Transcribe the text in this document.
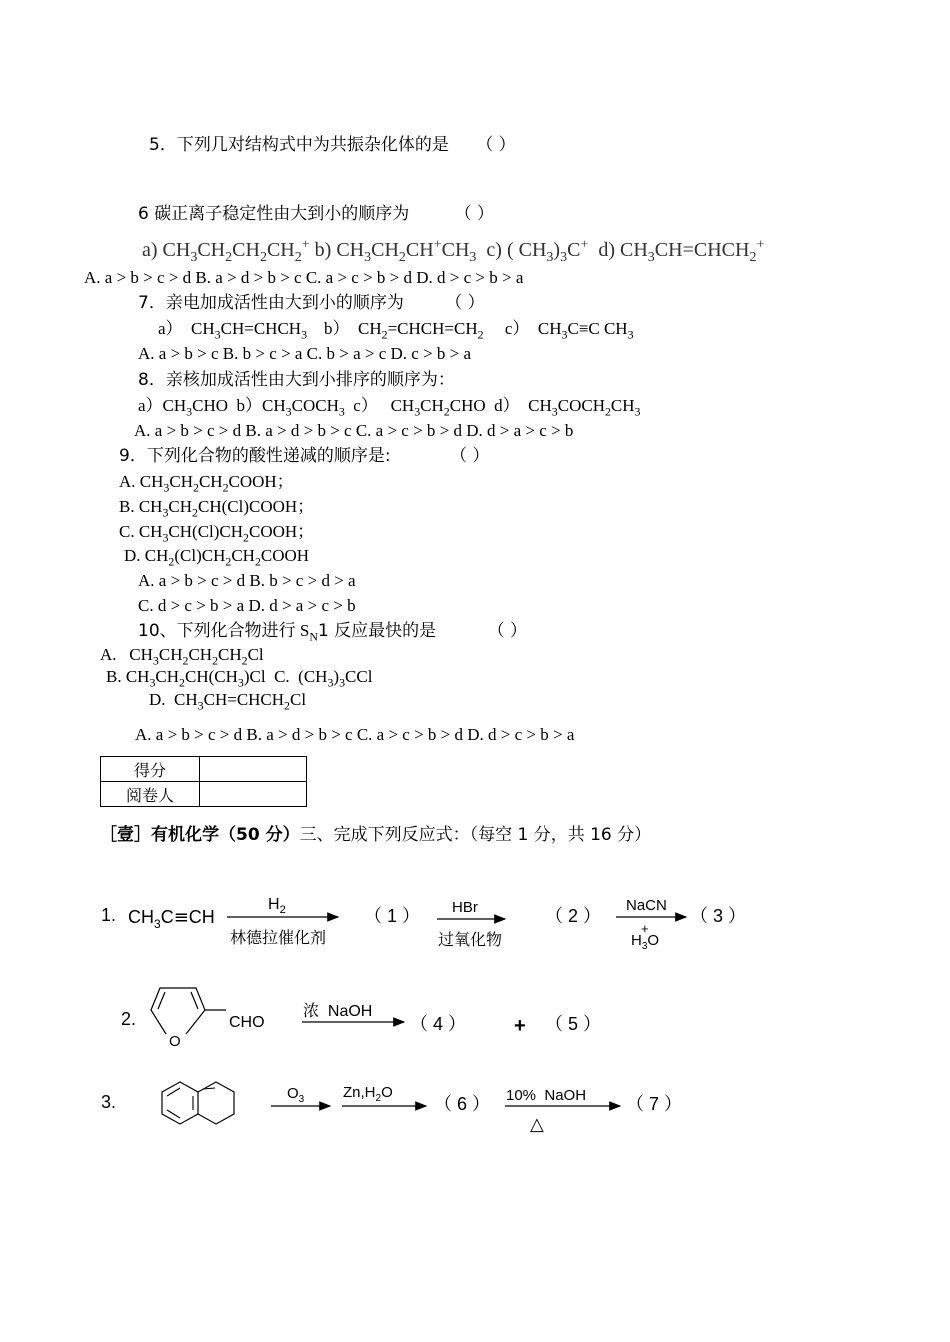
5．下列几对结构式中为共振杂化体的是 （ ）
6 碳正离子稳定性由大到小的顺序为	（ ）
a) $CH_3CH_2CH_2CH_2^+$ b) $CH_3CH_2CH^+CH_3$ c) ( $CH_3)_3C^+$ d) $CH_3CH=CHCH_2^+$
A. a > b > c > d B. a > d > b > c C. a > c > b > d D. d > c > b > a
7．亲电加成活性由大到小的顺序为 （ ）
a）  $CH_3CH=CHCH_3$ b）  $CH_2=CHCH=CH_2$ c）  $CH_3C\equiv C$ $CH_3$
A. a > b > c B. b > c > a C. b > a > c D. c > b > a
8．亲核加成活性由大到小排序的顺序为：
$a)CH_3CHO$  $b)CH_3COCH_3$ c）   $CH_3CH_2CHO$  d）  $CH_3COCH_2CH_3$
A. a > b > c > d B. a > d > b > c C. a > c > b > d D. d > a > c > b
9．下列化合物的酸性递减的顺序是:	（ ）
A. $CH_3CH_2CH_2COOH$；
B. $CH_3CH_2CH(Cl)COOH$；
C. $CH_3CH(Cl)CH_2COOH$；
D. $CH_2(Cl)CH_2CH_2COOH$
A. a > b > c > d B. b > c > d > a
C. d > c > b > a D. d > a > c > b
10、下列化合物进行 $S_N1$ 反应最快的是	（ ）
A.   $CH_3CH_2CH_2CH_2Cl$
B. $CH_3CH_2CH(CH_3)Cl$  C.  $(CH_3)_3CCl$
D.  $CH_3CH=CHCH_2Cl$
A. a > b > c > d B. a > d > b > c C. a > c > b > d D. d > c > b > a
得分	
阅卷人	
［壹］有机化学（50 分）三、完成下列反应式：（每空 1 分，共 16 分）
1. $CH_3C\equiv CH$
$H_2$
林德拉催化剂
（ 1 ） HBr
过氧化物
（ 2 ）
NaCN
$H_3O$
+
（ 3 ）
2.
O
CHO
浓  NaOH
（ 4 ） + （ 5 ）
3.	$O_3$	$Zn,H_2O$
（ 6 ） 10%  NaOH
△
（ 7 ）
